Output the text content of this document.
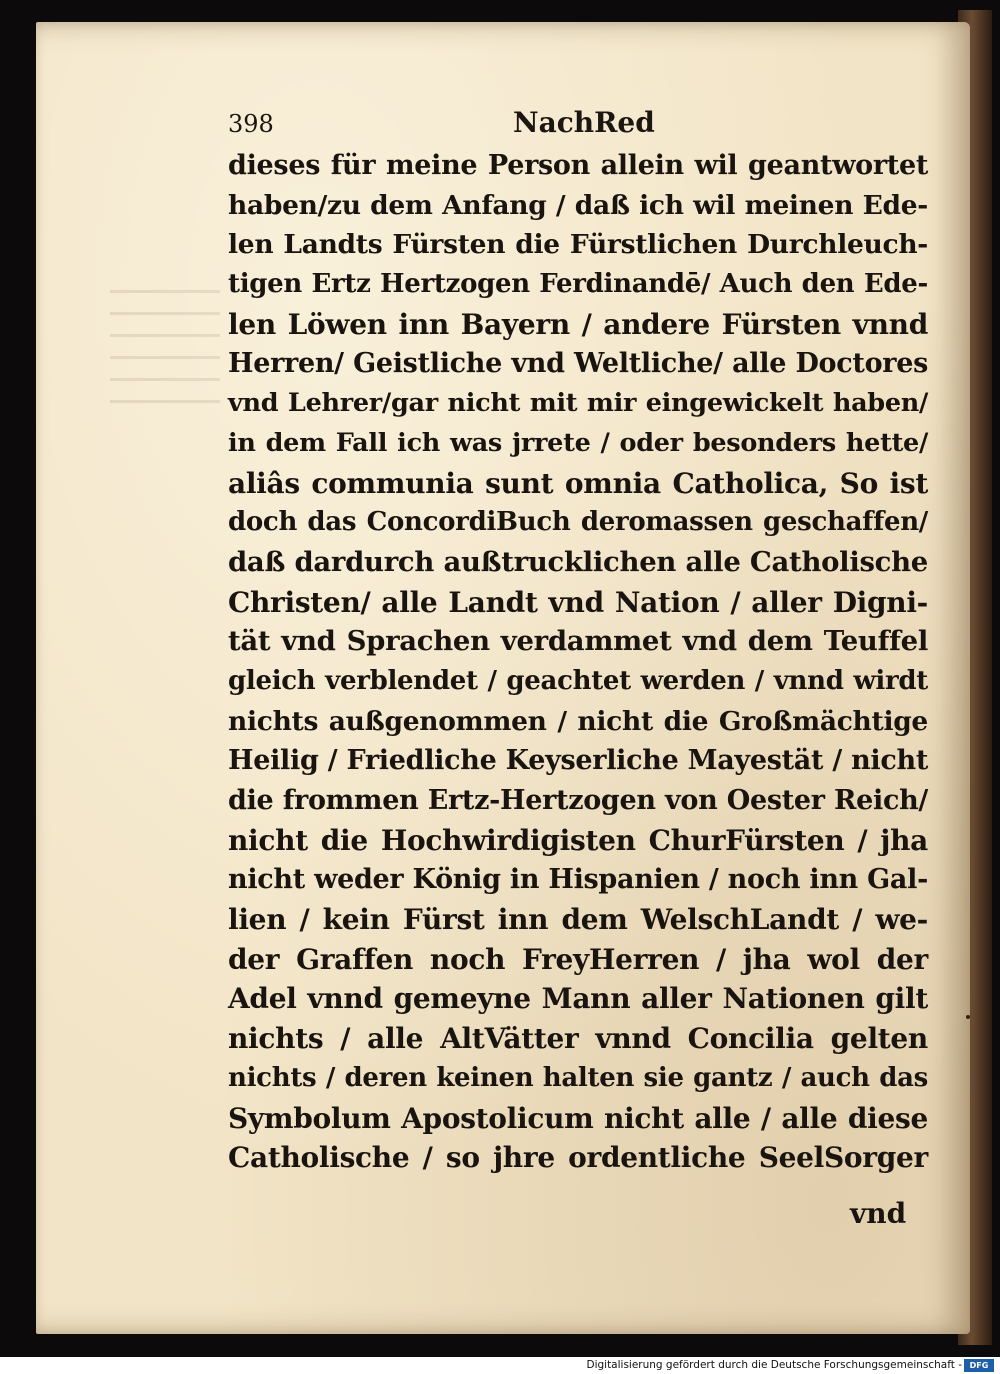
398	NachRed
dieses für meine Person allein wil geantwortet
haben/zu dem Anfang / daß ich wil meinen Ede-
len Landts Fürsten die Fürstlichen Durchleuch-
tigen Ertz Hertzogen Ferdinandē/ Auch den Ede-
len Löwen inn Bayern / andere Fürsten vnnd
Herren/ Geistliche vnd Weltliche/ alle Doctores
vnd Lehrer/gar nicht mit mir eingewickelt haben/
in dem Fall ich was jrrete / oder besonders hette/
aliâs communia sunt omnia Catholica, So ist
doch das ConcordiBuch deromassen geschaffen/
daß dardurch außtrucklichen alle Catholische
Christen/ alle Landt vnd Nation / aller Digni-
tät vnd Sprachen verdammet vnd dem Teuffel
gleich verblendet / geachtet werden / vnnd wirdt
nichts außgenommen / nicht die Großmächtige
Heilig / Friedliche Keyserliche Mayestät / nicht
die frommen Ertz-Hertzogen von Oester Reich/
nicht die Hochwirdigisten ChurFürsten / jha
nicht weder König in Hispanien / noch inn Gal-
lien / kein Fürst inn dem WelschLandt / we-
der Graffen noch FreyHerren / jha wol der
Adel vnnd gemeyne Mann aller Nationen gilt
nichts / alle AltVätter vnnd Concilia gelten
nichts / deren keinen halten sie gantz / auch das
Symbolum Apostolicum nicht alle / alle diese
Catholische / so jhre ordentliche SeelSorger
vnd
Digitalisierung gefördert durch die Deutsche Forschungsgemeinschaft - DFG
